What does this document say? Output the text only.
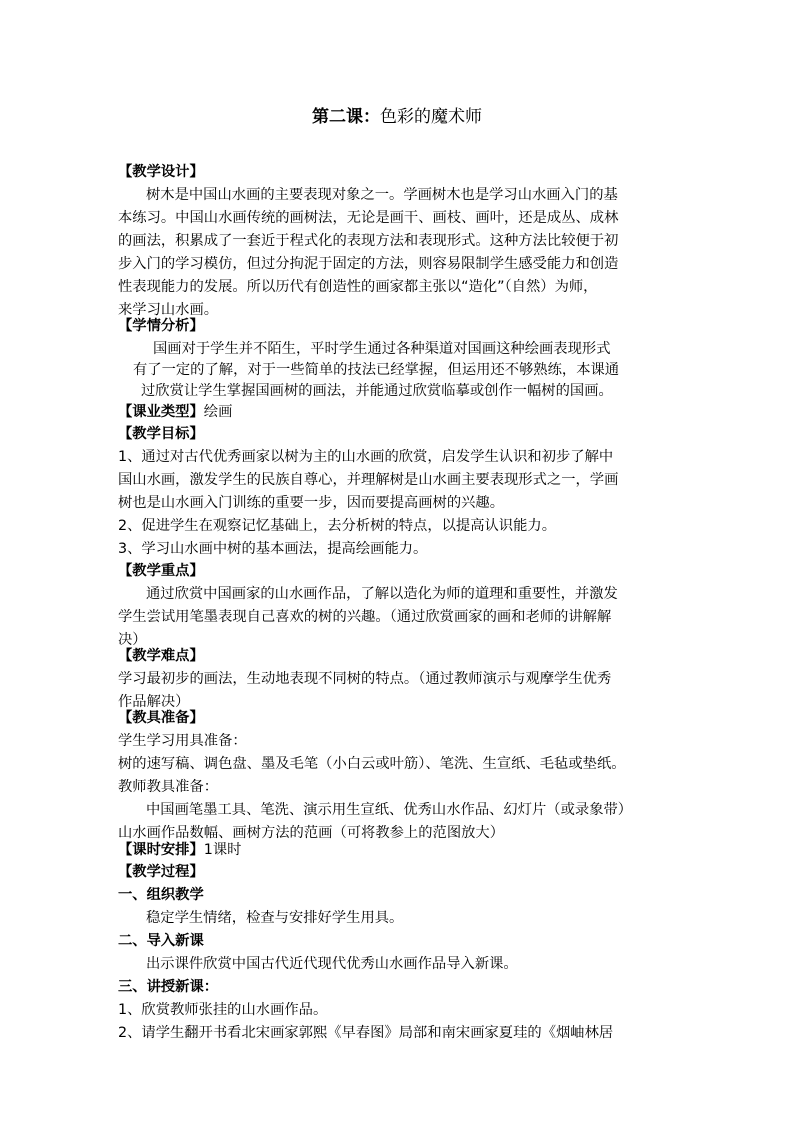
第二课：色彩的魔术师
【教学设计】
树木是中国山水画的主要表现对象之一。学画树木也是学习山水画入门的基
本练习。中国山水画传统的画树法，无论是画干、画枝、画叶，还是成丛、成林
的画法，积累成了一套近于程式化的表现方法和表现形式。这种方法比较便于初
步入门的学习模仿，但过分拘泥于固定的方法，则容易限制学生感受能力和创造
性表现能力的发展。所以历代有创造性的画家都主张以“造化”（自然）为师，
来学习山水画。
【学情分析】
国画对于学生并不陌生，平时学生通过各种渠道对国画这种绘画表现形式
有了一定的了解，对于一些简单的技法已经掌握，但运用还不够熟练，本课通
过欣赏让学生掌握国画树的画法，并能通过欣赏临摹或创作一幅树的国画。
【课业类型】绘画
【教学目标】
1、通过对古代优秀画家以树为主的山水画的欣赏，启发学生认识和初步了解中
国山水画，激发学生的民族自尊心，并理解树是山水画主要表现形式之一，学画
树也是山水画入门训练的重要一步，因而要提高画树的兴趣。
2、促进学生在观察记忆基础上，去分析树的特点，以提高认识能力。
3、学习山水画中树的基本画法，提高绘画能力。
【教学重点】
通过欣赏中国画家的山水画作品，了解以造化为师的道理和重要性，并激发
学生尝试用笔墨表现自己喜欢的树的兴趣。（通过欣赏画家的画和老师的讲解解
决）
【教学难点】
学习最初步的画法，生动地表现不同树的特点。（通过教师演示与观摩学生优秀
作品解决）
【教具准备】
学生学习用具准备：
树的速写稿、调色盘、墨及毛笔（小白云或叶筋）、笔洗、生宣纸、毛毡或垫纸。
教师教具准备：
中国画笔墨工具、笔洗、演示用生宣纸、优秀山水作品、幻灯片（或录象带）
山水画作品数幅、画树方法的范画（可将教参上的范图放大）
【课时安排】1课时
【教学过程】
一、组织教学
稳定学生情绪，检查与安排好学生用具。
二、导入新课
出示课件欣赏中国古代近代现代优秀山水画作品导入新课。
三、讲授新课：
1、欣赏教师张挂的山水画作品。
2、请学生翻开书看北宋画家郭熙《早春图》局部和南宋画家夏珪的《烟岫林居
